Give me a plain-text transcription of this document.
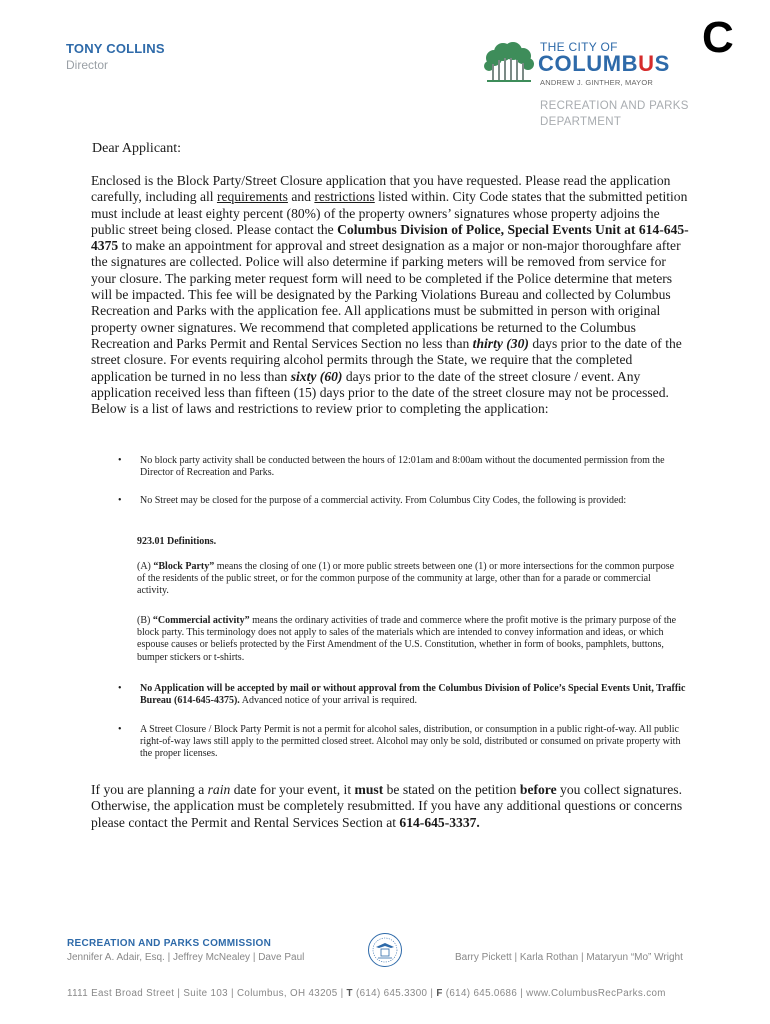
TONY COLLINS
Director
C
THE CITY OF
COLUMBUS
ANDREW J. GINTHER, MAYOR
RECREATION AND PARKS
DEPARTMENT
Dear Applicant:
Enclosed is the Block Party/Street Closure application that you have requested. Please read the application carefully, including all requirements and restrictions listed within. City Code states that the submitted petition must include at least eighty percent (80%) of the property owners’ signatures whose property adjoins the public street being closed. Please contact the Columbus Division of Police, Special Events Unit at 614-645-4375 to make an appointment for approval and street designation as a major or non-major thoroughfare after the signatures are collected. Police will also determine if parking meters will be removed from service for your closure. The parking meter request form will need to be completed if the Police determine that meters will be impacted. This fee will be designated by the Parking Violations Bureau and collected by Columbus Recreation and Parks with the application fee. All applications must be submitted in person with original property owner signatures. We recommend that completed applications be returned to the Columbus Recreation and Parks Permit and Rental Services Section no less than thirty (30) days prior to the date of the street closure. For events requiring alcohol permits through the State, we require that the completed application be turned in no less than sixty (60) days prior to the date of the street closure / event. Any application received less than fifteen (15) days prior to the date of the street closure may not be processed. Below is a list of laws and restrictions to review prior to completing the application:
• No block party activity shall be conducted between the hours of 12:01am and 8:00am without the documented permission from the Director of Recreation and Parks.
• No Street may be closed for the purpose of a commercial activity. From Columbus City Codes, the following is provided:
923.01 Definitions.
(A) “Block Party” means the closing of one (1) or more public streets between one (1) or more intersections for the common purpose of the residents of the public street, or for the common purpose of the community at large, other than for a parade or commercial activity.
(B) “Commercial activity” means the ordinary activities of trade and commerce where the profit motive is the primary purpose of the block party. This terminology does not apply to sales of the materials which are intended to convey information and ideas, or which espouse causes or beliefs protected by the First Amendment of the U.S. Constitution, whether in form of books, pamphlets, buttons, bumper stickers or t-shirts.
• No Application will be accepted by mail or without approval from the Columbus Division of Police’s Special Events Unit, Traffic Bureau (614-645-4375). Advanced notice of your arrival is required.
• A Street Closure / Block Party Permit is not a permit for alcohol sales, distribution, or consumption in a public right-of-way. All public right-of-way laws still apply to the permitted closed street. Alcohol may only be sold, distributed or consumed on private property with the proper licenses.
If you are planning a rain date for your event, it must be stated on the petition before you collect signatures. Otherwise, the application must be completely resubmitted. If you have any additional questions or concerns please contact the Permit and Rental Services Section at 614-645-3337.
RECREATION AND PARKS COMMISSION
Jennifer A. Adair, Esq. | Jeffrey McNealey | Dave Paul	Barry Pickett | Karla Rothan | Mataryun “Mo” Wright
1111 East Broad Street | Suite 103 | Columbus, OH 43205 | T (614) 645.3300 | F (614) 645.0686 | www.ColumbusRecParks.com
